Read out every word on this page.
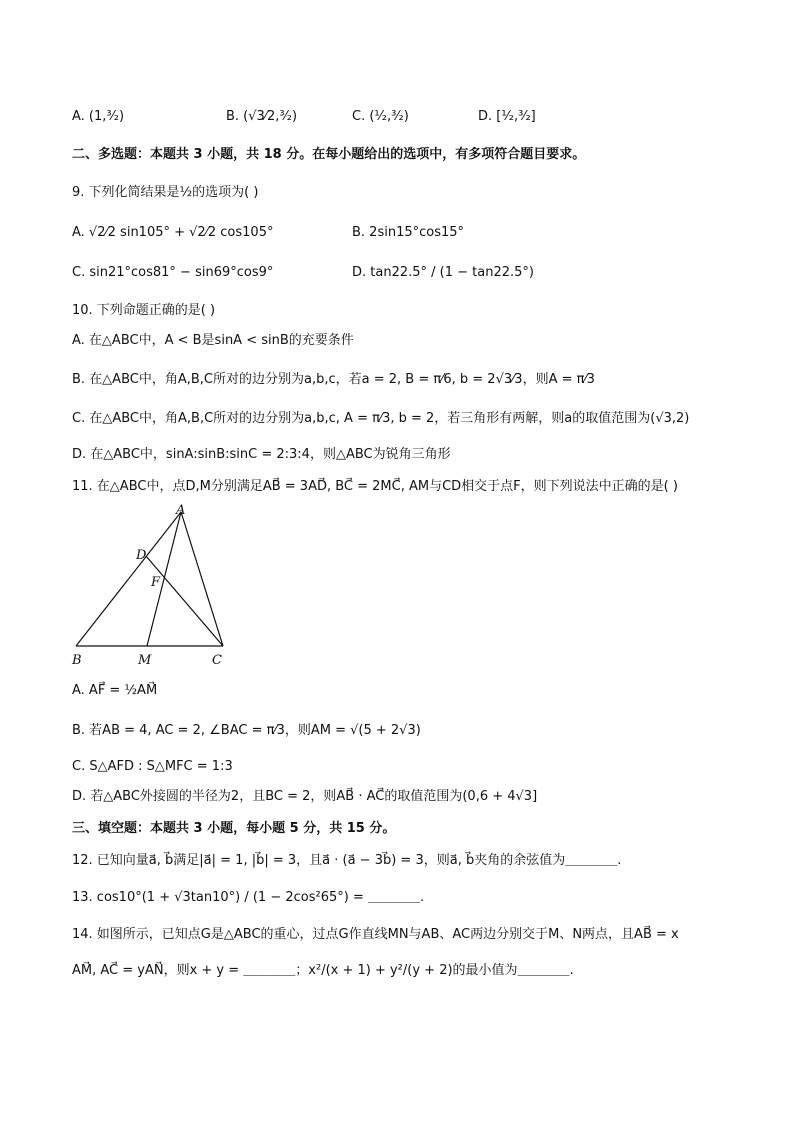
A. (1,³⁄₂)	B. (√3⁄2,³⁄₂)	C. (¹⁄₂,³⁄₂)	D. [¹⁄₂,³⁄₂]
二、多选题：本题共 3 小题，共 18 分。在每小题给出的选项中，有多项符合题目要求。
9. 下列化简结果是½的选项为( )
A. √2⁄2 sin105° + √2⁄2 cos105°	B. 2sin15°cos15°
C. sin21°cos81° − sin69°cos9°	D. tan22.5° / (1 − tan22.5°)
10. 下列命题正确的是( )
A. 在△ABC中，A < B是sinA < sinB的充要条件
B. 在△ABC中，角A,B,C所对的边分别为a,b,c，若a = 2, B = π⁄6, b = 2√3⁄3，则A = π⁄3
C. 在△ABC中，角A,B,C所对的边分别为a,b,c, A = π⁄3, b = 2，若三角形有两解，则a的取值范围为(√3,2)
D. 在△ABC中，sinA:sinB:sinC = 2:3:4，则△ABC为锐角三角形
11. 在△ABC中，点D,M分别满足AB⃗ = 3AD⃗, BC⃗ = 2MC⃗, AM与CD相交于点F，则下列说法中正确的是( )
A
D
F
B	M	C
A. AF⃗ = ½AM⃗
B. 若AB = 4, AC = 2, ∠BAC = π⁄3，则AM = √(5 + 2√3)
C. S△AFD : S△MFC = 1:3
D. 若△ABC外接圆的半径为2，且BC = 2，则AB⃗ · AC⃗的取值范围为(0,6 + 4√3]
三、填空题：本题共 3 小题，每小题 5 分，共 15 分。
12. 已知向量a⃗, b⃗满足|a⃗| = 1, |b⃗| = 3，且a⃗ · (a⃗ − 3b⃗) = 3，则a⃗, b⃗夹角的余弦值为＿＿＿＿.
13. cos10°(1 + √3tan10°) / (1 − 2cos²65°) = ＿＿＿＿.
14. 如图所示，已知点G是△ABC的重心，过点G作直线MN与AB、AC两边分别交于M、N两点，且AB⃗ = x
AM⃗, AC⃗ = yAN⃗，则x + y = ＿＿＿＿；x²/(x + 1) + y²/(y + 2)的最小值为＿＿＿＿.
